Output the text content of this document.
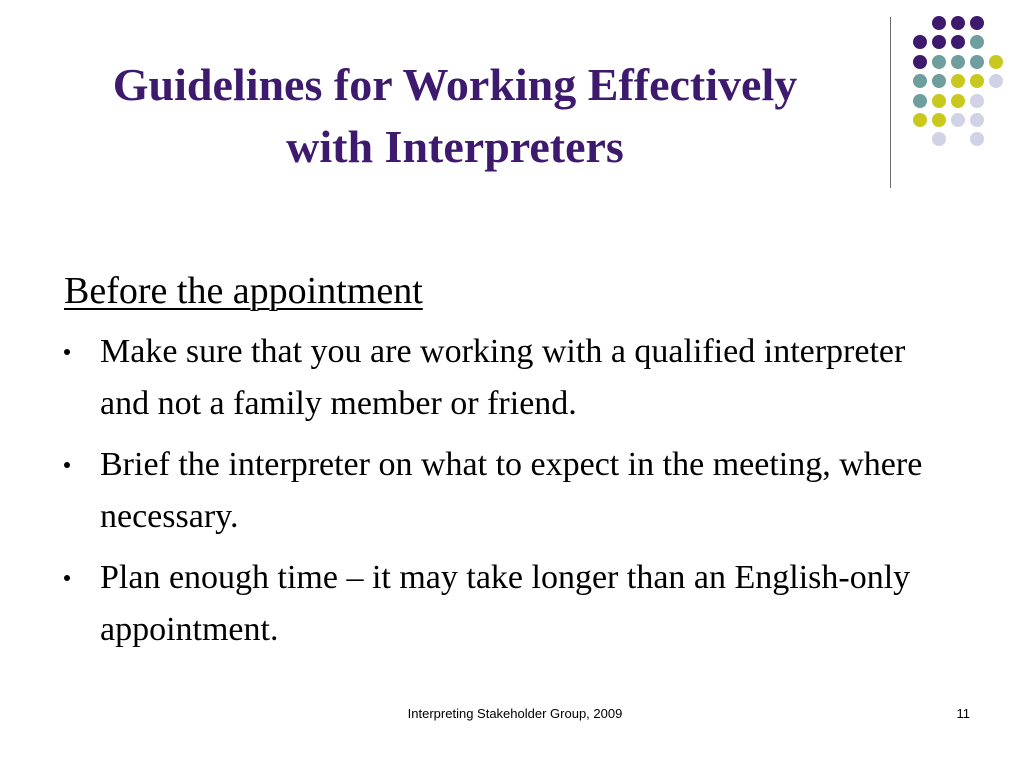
Guidelines for Working Effectively
with Interpreters
Before the appointment
Make sure that you are working with a qualified interpreter and not a family member or friend.
Brief the interpreter on what to expect in the meeting, where necessary.
Plan enough time – it may take longer than an English-only appointment.
Interpreting Stakeholder Group, 2009	11
